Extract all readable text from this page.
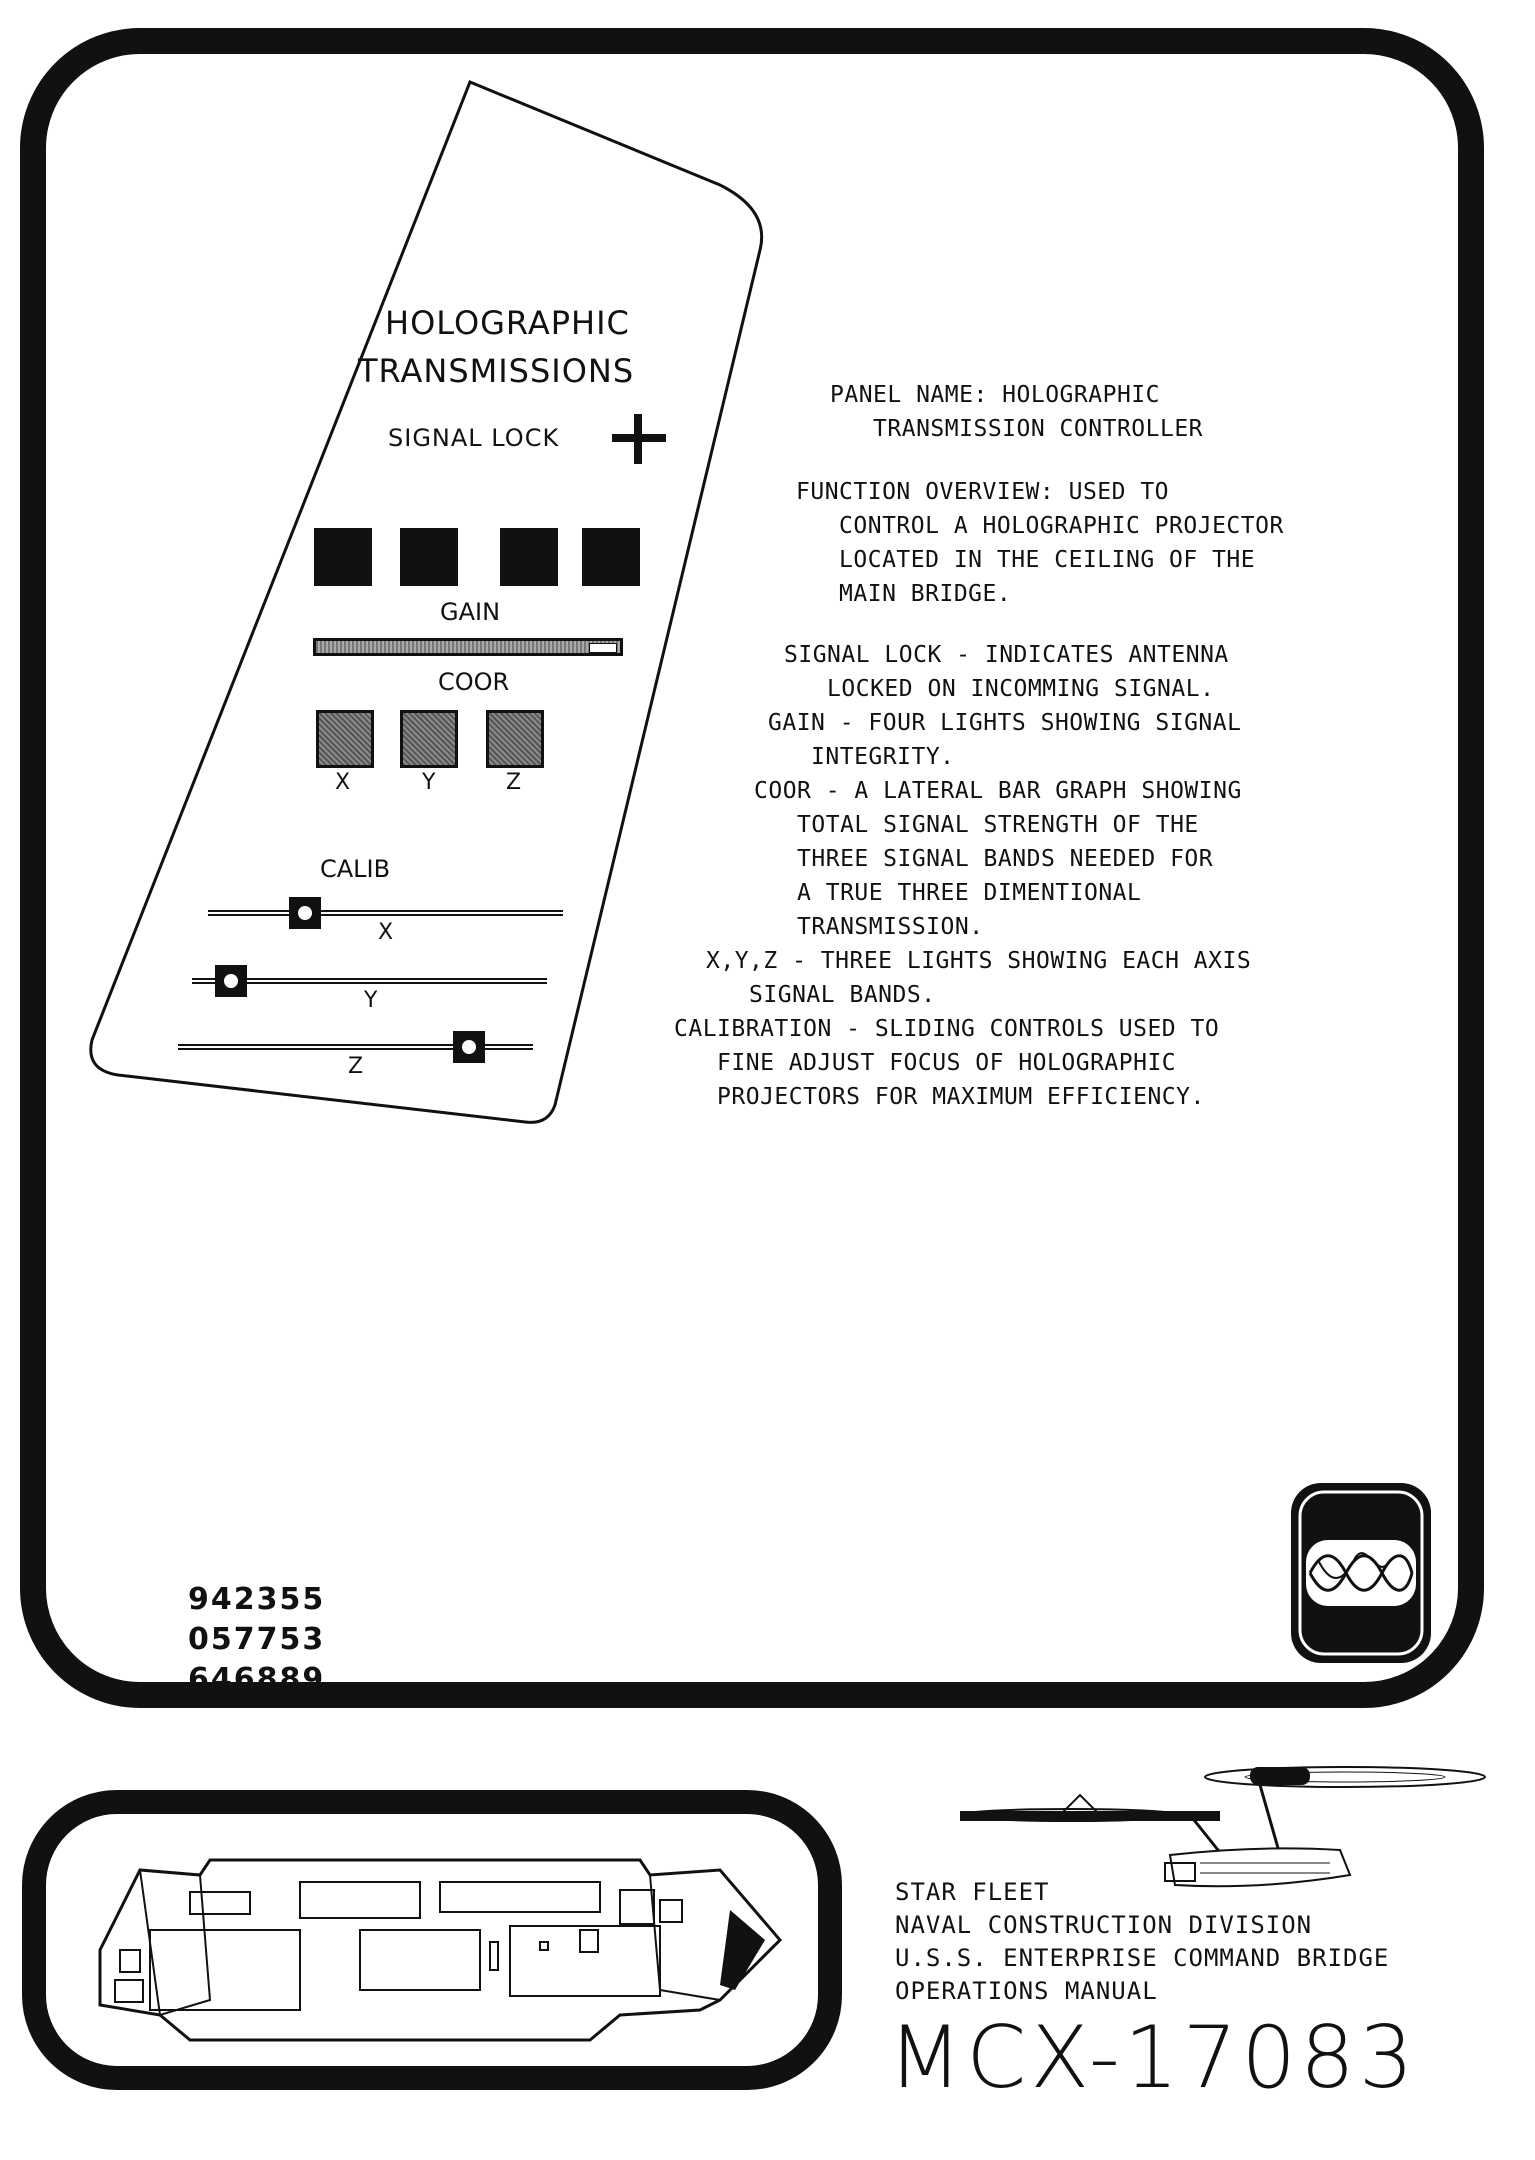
HOLOGRAPHIC
TRANSMISSIONS
SIGNAL LOCK
GAIN
COOR
X	Y	Z
CALIB
X
Y
Z
PANEL NAME: HOLOGRAPHIC
TRANSMISSION CONTROLLER
FUNCTION OVERVIEW: USED TO
CONTROL A HOLOGRAPHIC PROJECTOR
LOCATED IN THE CEILING OF THE
MAIN BRIDGE.
SIGNAL LOCK - INDICATES ANTENNA
LOCKED ON INCOMMING SIGNAL.
GAIN - FOUR LIGHTS SHOWING SIGNAL
INTEGRITY.
COOR - A LATERAL BAR GRAPH SHOWING
TOTAL SIGNAL STRENGTH OF THE
THREE SIGNAL BANDS NEEDED FOR
A TRUE THREE DIMENTIONAL
TRANSMISSION.
X,Y,Z - THREE LIGHTS SHOWING EACH AXIS
SIGNAL BANDS.
CALIBRATION - SLIDING CONTROLS USED TO
FINE ADJUST FOCUS OF HOLOGRAPHIC
PROJECTORS FOR MAXIMUM EFFICIENCY.
942355
057753
646889
STAR FLEET
NAVAL CONSTRUCTION DIVISION
U.S.S. ENTERPRISE COMMAND BRIDGE
OPERATIONS MANUAL
MCX-17083
